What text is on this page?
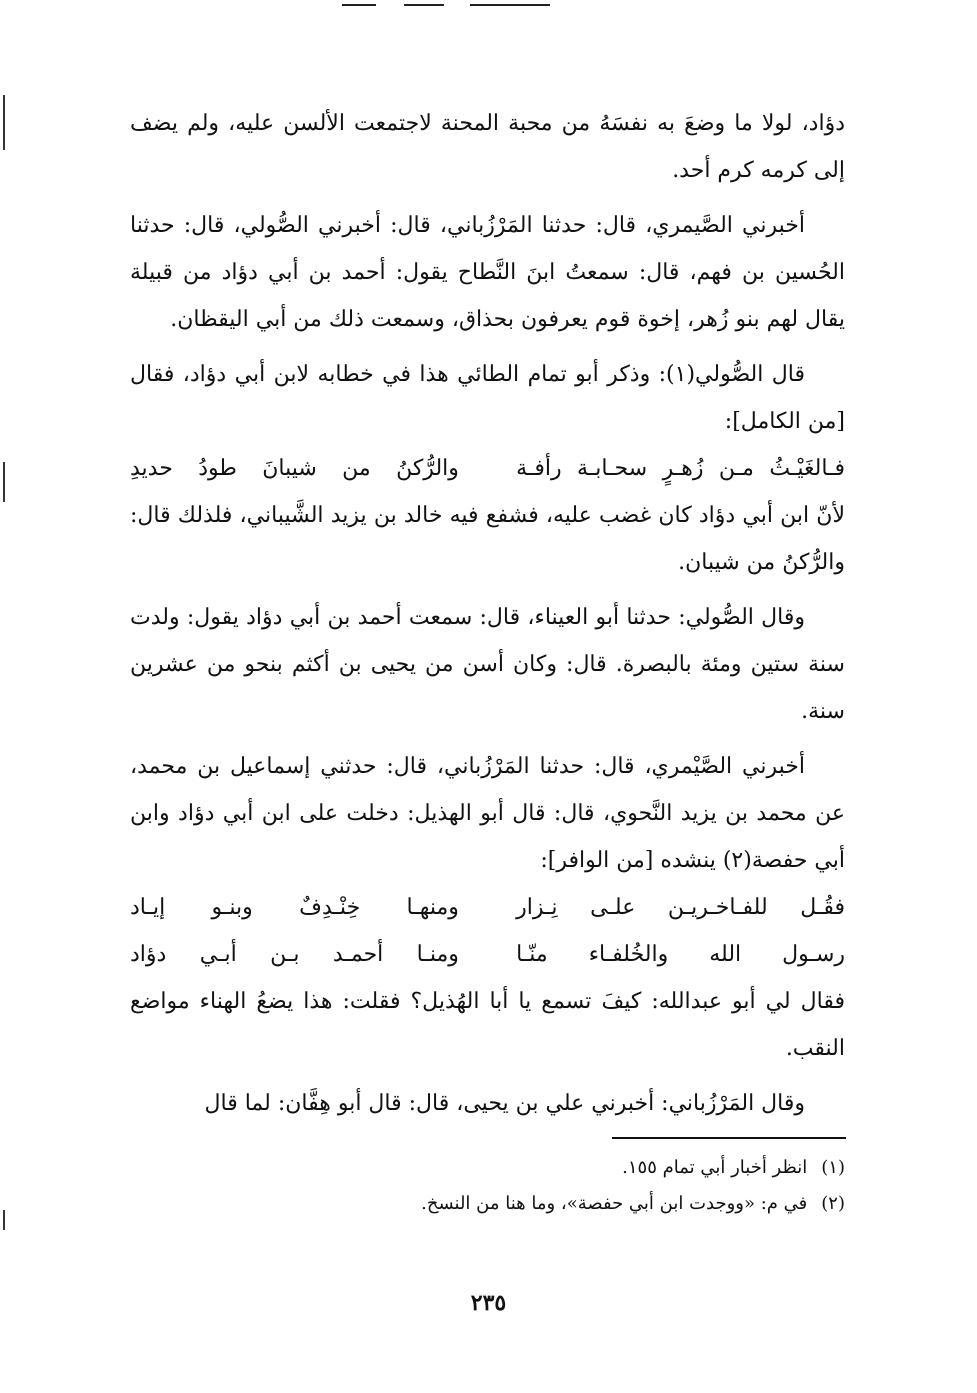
دؤاد، لولا ما وضعَ به نفسَهُ من محبة المحنة لاجتمعت الألسن عليه، ولم يضف إلى كرمه كرم أحد.

أخبرني الصَّيمري، قال: حدثنا المَرْزُباني، قال: أخبرني الصُّولي، قال: حدثنا الحُسين بن فهم، قال: سمعتُ ابنَ النَّطاح يقول: أحمد بن أبي دؤاد من قبيلة يقال لهم بنو زُهر، إخوة قوم يعرفون بحذاق، وسمعت ذلك من أبي اليقظان.

قال الصُّولي(١): وذكر أبو تمام الطائي هذا في خطابه لابن أبي دؤاد، فقال [من الكامل]:

فـالغَيْـثُ مـن زُهـرٍ سحـابـة رأفـة
والرُّكنُ من شيبانَ طودُ حديدِ

لأنّ ابن أبي دؤاد كان غضب عليه، فشفع فيه خالد بن يزيد الشَّيباني، فلذلك قال: والرُّكنُ من شيبان.

وقال الصُّولي: حدثنا أبو العيناء، قال: سمعت أحمد بن أبي دؤاد يقول: ولدت سنة ستين ومئة بالبصرة. قال: وكان أسن من يحيى بن أكثم بنحو من عشرين سنة.

أخبرني الصَّيْمري، قال: حدثنا المَرْزُباني، قال: حدثني إسماعيل بن محمد، عن محمد بن يزيد النَّحوي، قال: قال أبو الهذيل: دخلت على ابن أبي دؤاد وابن أبي حفصة(٢) ينشده [من الوافر]:

فقُـل للفـاخـريـن علـى نِـزار
ومنهـا خِنْـدِفٌ وبنـو إيـاد
رسـول الله والخُلفـاء منّـا
ومنـا أحمـد بـن أبـي دؤاد

فقال لي أبو عبدالله: كيفَ تسمع يا أبا الهُذيل؟ فقلت: هذا يضعُ الهناء مواضع النقب.

وقال المَرْزُباني: أخبرني علي بن يحيى، قال: قال أبو هِفَّان: لما قال

(١)انظر أخبار أبي تمام ١٥٥.

(٢)في م: «ووجدت ابن أبي حفصة»، وما هنا من النسخ.

٢٣٥
